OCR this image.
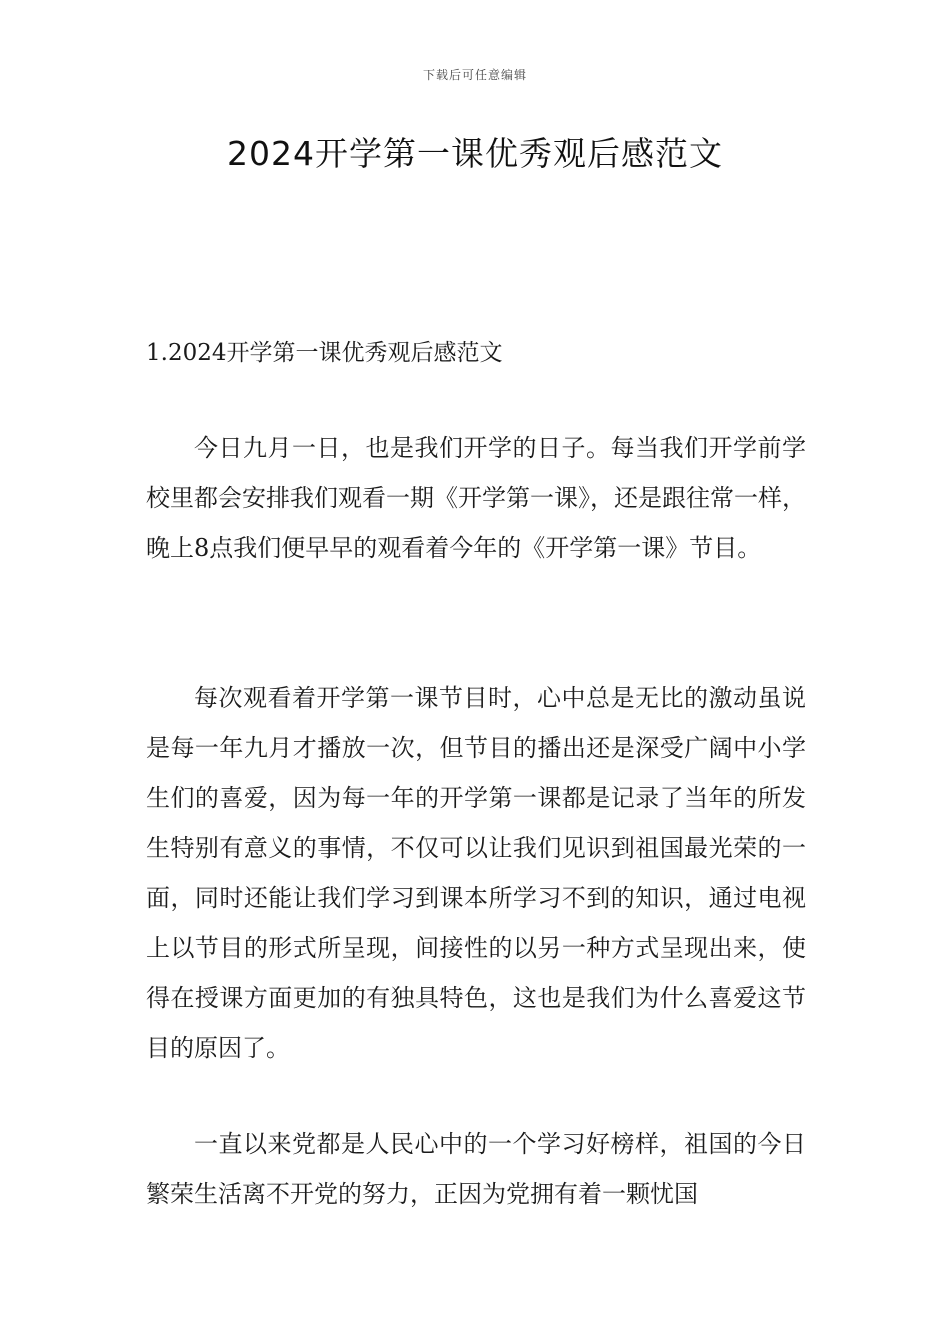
下载后可任意编辑
2024开学第一课优秀观后感范文
1.2024开学第一课优秀观后感范文

今日九月一日，也是我们开学的日子。每当我们开学前学校里都会安排我们观看一期《开学第一课》，还是跟往常一样，晚上8点我们便早早的观看着今年的《开学第一课》节目。

每次观看着开学第一课节目时，心中总是无比的激动虽说是每一年九月才播放一次，但节目的播出还是深受广阔中小学生们的喜爱，因为每一年的开学第一课都是记录了当年的所发生特别有意义的事情，不仅可以让我们见识到祖国最光荣的一面，同时还能让我们学习到课本所学习不到的知识，通过电视上以节目的形式所呈现，间接性的以另一种方式呈现出来，使得在授课方面更加的有独具特色，这也是我们为什么喜爱这节目的原因了。

一直以来党都是人民心中的一个学习好榜样，祖国的今日繁荣生活离不开党的努力，正因为党拥有着一颗忧国
